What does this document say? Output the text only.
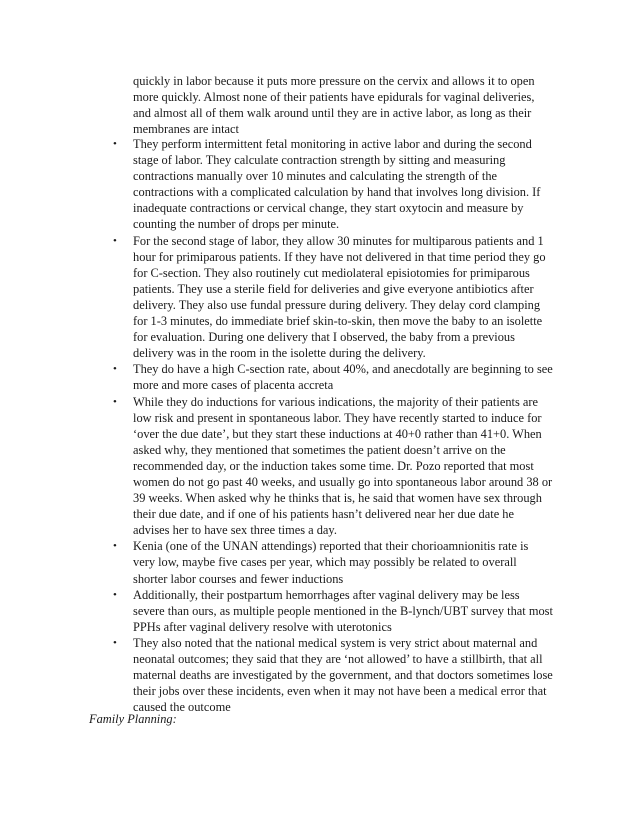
quickly in labor because it puts more pressure on the cervix and allows it to open more quickly. Almost none of their patients have epidurals for vaginal deliveries, and almost all of them walk around until they are in active labor, as long as their membranes are intact

•	They perform intermittent fetal monitoring in active labor and during the second stage of labor. They calculate contraction strength by sitting and measuring contractions manually over 10 minutes and calculating the strength of the contractions with a complicated calculation by hand that involves long division. If inadequate contractions or cervical change, they start oxytocin and measure by counting the number of drops per minute.
•	For the second stage of labor, they allow 30 minutes for multiparous patients and 1 hour for primiparous patients. If they have not delivered in that time period they go for C-section. They also routinely cut mediolateral episiotomies for primiparous patients. They use a sterile field for deliveries and give everyone antibiotics after delivery. They also use fundal pressure during delivery. They delay cord clamping for 1-3 minutes, do immediate brief skin-to-skin, then move the baby to an isolette for evaluation. During one delivery that I observed, the baby from a previous delivery was in the room in the isolette during the delivery.
•	They do have a high C-section rate, about 40%, and anecdotally are beginning to see more and more cases of placenta accreta
•	While they do inductions for various indications, the majority of their patients are low risk and present in spontaneous labor. They have recently started to induce for ‘over the due date’, but they start these inductions at 40+0 rather than 41+0. When asked why, they mentioned that sometimes the patient doesn’t arrive on the recommended day, or the induction takes some time. Dr. Pozo reported that most women do not go past 40 weeks, and usually go into spontaneous labor around 38 or 39 weeks. When asked why he thinks that is, he said that women have sex through their due date, and if one of his patients hasn’t delivered near her due date he advises her to have sex three times a day.
•	Kenia (one of the UNAN attendings) reported that their chorioamnionitis rate is very low, maybe five cases per year, which may possibly be related to overall shorter labor courses and fewer inductions
•	Additionally, their postpartum hemorrhages after vaginal delivery may be less severe than ours, as multiple people mentioned in the B-lynch/UBT survey that most PPHs after vaginal delivery resolve with uterotonics
•	They also noted that the national medical system is very strict about maternal and neonatal outcomes; they said that they are ‘not allowed’ to have a stillbirth, that all maternal deaths are investigated by the government, and that doctors sometimes lose their jobs over these incidents, even when it may not have been a medical error that caused the outcome
Family Planning:
